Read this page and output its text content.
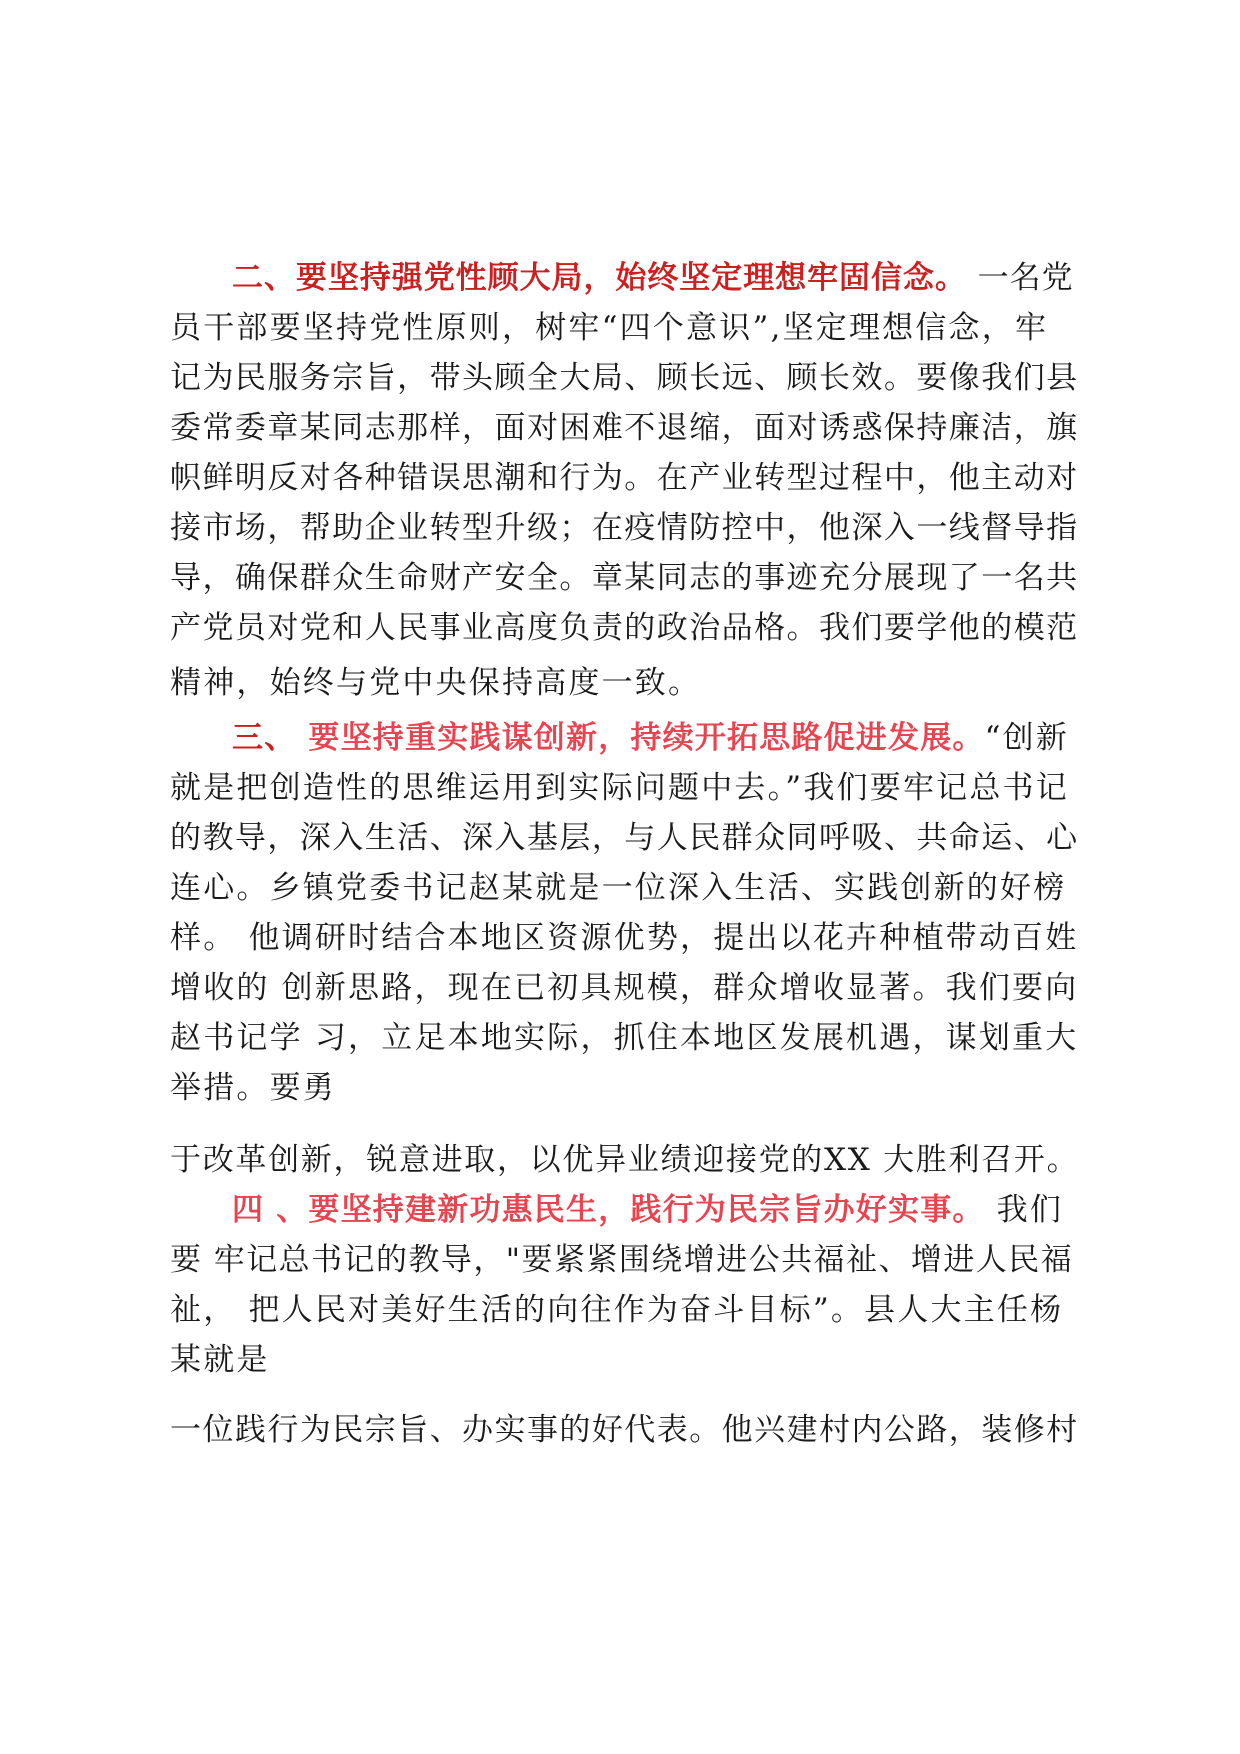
二、要坚持强党性顾大局，始终坚定理想牢固信念。 一名党
员干部要坚持党性原则，树牢“四个意识”,坚定理想信念，牢
记为民服务宗旨，带头顾全大局、顾长远、顾长效。要像我们县
委常委章某同志那样，面对困难不退缩，面对诱惑保持廉洁，旗
帜鲜明反对各种错误思潮和行为。在产业转型过程中，他主动对
接市场，帮助企业转型升级；在疫情防控中，他深入一线督导指
导，确保群众生命财产安全。章某同志的事迹充分展现了一名共
产党员对党和人民事业高度负责的政治品格。我们要学他的模范
精神，始终与党中央保持高度一致。
三、 要坚持重实践谋创新，持续开拓思路促进发展。“创新
就是把创造性的思维运用到实际问题中去。”我们要牢记总书记
的教导，深入生活、深入基层，与人民群众同呼吸、共命运、心
连心。乡镇党委书记赵某就是一位深入生活、实践创新的好榜
样。 他调研时结合本地区资源优势，提出以花卉种植带动百姓
增收的 创新思路，现在已初具规模，群众增收显著。我们要向
赵书记学 习，立足本地实际，抓住本地区发展机遇，谋划重大
举措。要勇
于改革创新，锐意进取，以优异业绩迎接党的XX 大胜利召开。
四 、要坚持建新功惠民生，践行为民宗旨办好实事。 我们
要 牢记总书记的教导，"要紧紧围绕增进公共福祉、增进人民福
祉， 把人民对美好生活的向往作为奋斗目标”。县人大主任杨
某就是
一位践行为民宗旨、办实事的好代表。他兴建村内公路，装修村
